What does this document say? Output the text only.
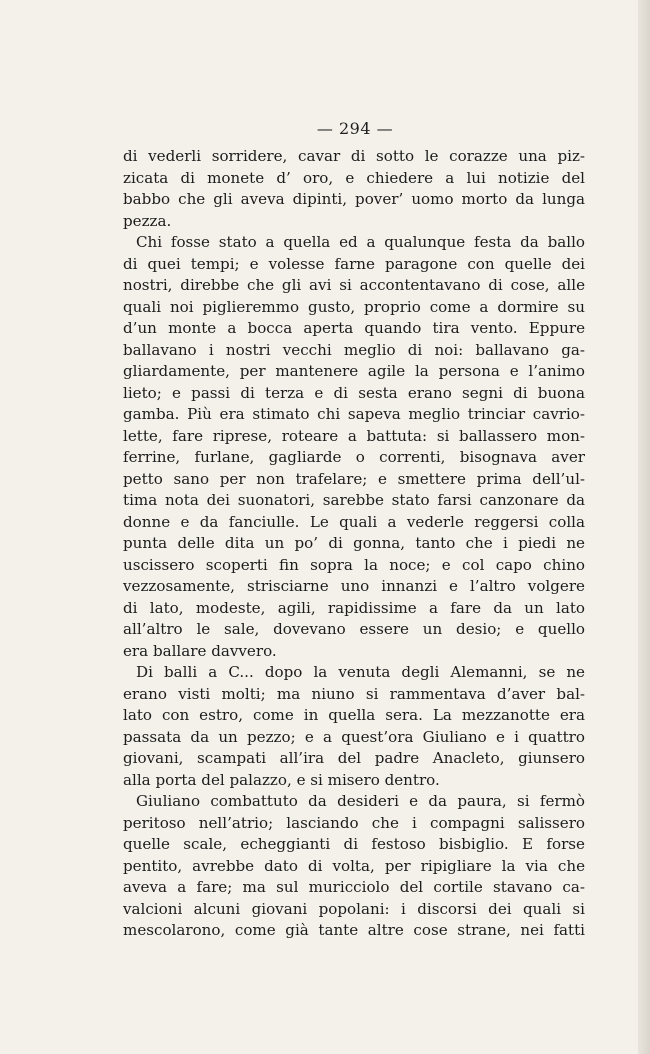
— 294 —
di vederli sorridere, cavar di sotto le corazze una piz-
zicata di monete d’ oro, e chiedere a lui notizie del
babbo che gli aveva dipinti, pover’ uomo morto da lunga
pezza.
Chi fosse stato a quella ed a qualunque festa da ballo
di quei tempi; e volesse farne paragone con quelle dei
nostri, direbbe che gli avi si accontentavano di cose, alle
quali noi piglieremmo gusto, proprio come a dormire su
d’un monte a bocca aperta quando tira vento. Eppure
ballavano i nostri vecchi meglio di noi: ballavano ga-
gliardamente, per mantenere agile la persona e l’animo
lieto; e passi di terza e di sesta erano segni di buona
gamba. Più era stimato chi sapeva meglio trinciar cavrio-
lette, fare riprese, roteare a battuta: si ballassero mon-
ferrine, furlane, gagliarde o correnti, bisognava aver
petto sano per non trafelare; e smettere prima dell’ul-
tima nota dei suonatori, sarebbe stato farsi canzonare da
donne e da fanciulle. Le quali a vederle reggersi colla
punta delle dita un po’ di gonna, tanto che i piedi ne
uscissero scoperti fin sopra la noce; e col capo chino
vezzosamente, strisciarne uno innanzi e l’altro volgere
di lato, modeste, agili, rapidissime a fare da un lato
all’altro le sale, dovevano essere un desio; e quello
era ballare davvero.
Di balli a C... dopo la venuta degli Alemanni, se ne
erano visti molti; ma niuno si rammentava d’aver bal-
lato con estro, come in quella sera. La mezzanotte era
passata da un pezzo; e a quest’ora Giuliano e i quattro
giovani, scampati all’ira del padre Anacleto, giunsero
alla porta del palazzo, e si misero dentro.
Giuliano combattuto da desideri e da paura, si fermò
peritoso nell’atrio; lasciando che i compagni salissero
quelle scale, echeggianti di festoso bisbiglio. E forse
pentito, avrebbe dato di volta, per ripigliare la via che
aveva a fare; ma sul muricciolo del cortile stavano ca-
valcioni alcuni giovani popolani: i discorsi dei quali si
mescolarono, come già tante altre cose strane, nei fatti
